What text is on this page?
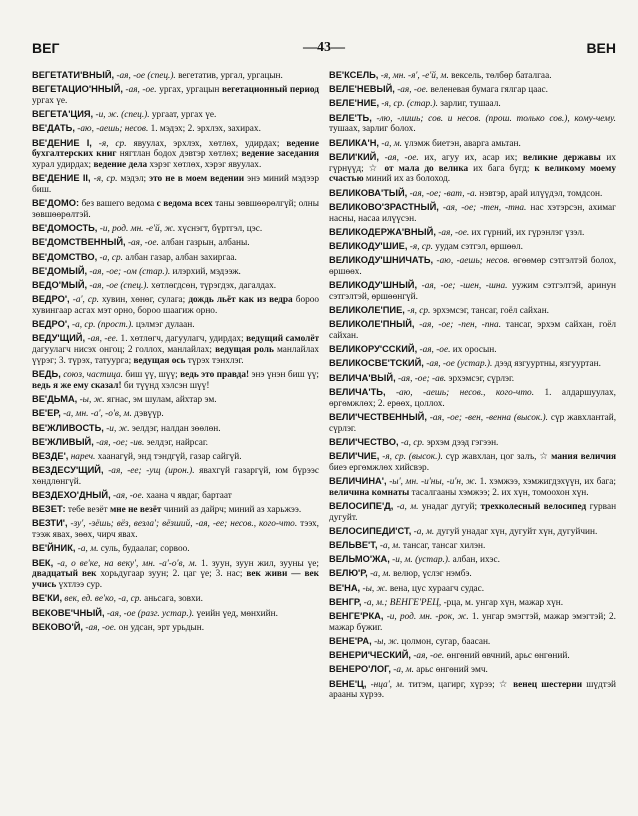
ВЕГ	—43—	ВЕН

ВЕГЕТАТИ'ВНЫЙ, -ая, -ое (спец.). вегетатив, ургал, ургацын.

ВЕГЕТАЦИО'ННЫЙ, -ая, -ое. ургах, ургацын вегетационный период ургах үе.

ВЕГЕТА'ЦИЯ, -и, ж. (спец.). ургаат, ургах үе.

ВЕ'ДАТЬ, -аю, -аешь; несов. 1. мэдэх; 2. эрхлэх, захирах.

ВЕ'ДЕНИЕ I, -я, ср. явуулах, эрхлэх, хөтлөх, удирдах; ведение бухгалтерских книг нягтлан бодох дэвтэр хөтлөх; ведение заседания хурал удирдах; ведение дела хэрэг хөтлөх, хэрэг явуулах.

ВЕ'ДЕНИЕ II, -я, ср. мэдэл; это не в моем ведении энэ миний мэдээр биш.

ВЕ'ДОМО: без вашего ведома с ведома всех таны зөвшөөрөлгүй; олны зөвшөөрөлтэй.

ВЕ'ДОМОСТЬ, -и, род. мн. -е'й, ж. хүснэгт, бүртгэл, цэс.

ВЕ'ДОМСТВЕННЫЙ, -ая, -ое. албан газрын, албаны.

ВЕ'ДОМСТВО, -а, ср. албан газар, албан захиргаа.

ВЕ'ДОМЫЙ, -ая, -ое; -ом (стар.). илэрхий, мэдээж.

ВЕДО'МЫЙ, -ая, -ое (спец.). хөтлөгдсөн, түрэгдэх, дагалдах.

ВЕДРО', -а', ср. хувин, хөнөг, сулага; дождь льёт как из ведра бороо хувингаар асгах мэт орно, бороо шаагиж орно.

ВЕДРО', -а, ср. (прост.). цэлмэг дулаан.

ВЕДУ'ЩИЙ, -ая, -ее. 1. хөтлөгч, дагуулагч, удирдах; ведущий самолёт дагуулагч нисэх онгоц; 2 голлох, манлайлах; ведущая роль манлайлах үүрэг; 3. түрэх, татуурга; ведущая ось түрэх тэнхлэг.

ВЕДЬ, союз, частица. биш үү, шүү; ведь это правда! энэ үнэн биш үү; ведь я же ему сказал! би түүнд хэлсэн шүү!

ВЕ'ДЬМА, -ы, ж. ягнас, эм шулам, айхтар эм.

ВЕ'ЕР, -а, мн. -а', -о'в, м. дэвүүр.

ВЕ'ЖЛИВОСТЬ, -и, ж. эелдэг, налдан зөөлөн.

ВЕ'ЖЛИВЫЙ, -ая, -ое; -ив. эелдэг, найрсаг.

ВЕЗДЕ', нареч. хаанагүй, энд тэндгүй, газар сайгүй.

ВЕЗДЕСУ'ЩИЙ, -ая, -ее; -ущ (ирон.). явахгүй газаргүй, юм бүрээс хөндлөнгүй.

ВЕЗДЕХО'ДНЫЙ, -ая, -ое. хаана ч явдаг, бартаат

ВЕЗЕТ: тебе везёт мне не везёт чиний аз дайрч; миний аз харьжээ.

ВЕЗТИ', -зу', -зёшь; вёз, везла'; вёзший, -ая, -ее; несов., кого-что. тээх, тээж явах, зөөх, чирч явах.

ВЕ'ЙНИК, -а, м. суль, будаалаг, сорвоо.

ВЕК, -а, о ве'ке, на веку', мн. -а'-о'в, м. 1. зуун, зуун жил, зууны үе; двадцатый век хорьдугаар зуун; 2. цаг үе; 3. нас; век живи — век учись үхтлээ сур.

ВЕ'КИ, век, ед. ве'ко, -а, ср. аньсага, зовхи.

ВЕКОВЕ'ЧНЫЙ, -ая, -ое (разг. устар.). үеийн үед, мөнхийн.

ВЕКОВО'Й, -ая, -ое. он удсан, эрт урьдын.

ВЕ'КСЕЛЬ, -я, мн. -я', -е'й, м. вексель, төлбөр баталгаа.

ВЕЛЕ'НЕВЫЙ, -ая, -ое. веленевая бумага гялгар цаас.

ВЕЛЕ'НИЕ, -я, ср. (стар.). зарлиг, тушаал.

ВЕЛЕ'ТЬ, -лю, -лишь; сов. и несов. (прош. только сов.), кому-чему. тушаах, зарлиг болох.

ВЕЛИКА'Н, -а, м. үлэмж биетэн, аварга амьтан.

ВЕЛИ'КИЙ, -ая, -ое. их, агуу их, асар их; великие державы их гүрнүүд; ☆ от мала до велика их бага бүгд; к великому моему счастью миний их аз болоход.

ВЕЛИКОВА'ТЫЙ, -ая, -ое; -ват, -а. нэвтэр, арай илүүдэл, томдсон.

ВЕЛИКОВО'ЗРАСТНЫЙ, -ая, -ое; -тен, -тна. нас хэтэрсэн, ахимаг насны, насаа илүүсэн.

ВЕЛИКОДЕРЖА'ВНЫЙ, -ая, -ое. их гүрний, их гүрэнлэг үзэл.

ВЕЛИКОДУ'ШИЕ, -я, ср. уудам сэтгэл, өршөөл.

ВЕЛИКОДУ'ШНИЧАТЬ, -аю, -аешь; несов. өгөөмөр сэтгэлтэй болох, өршөөх.

ВЕЛИКОДУ'ШНЫЙ, -ая, -ое; -шен, -шна. уужим сэтгэлтэй, аринун сэтгэлтэй, өршөөнгүй.

ВЕЛИКОЛЕ'ПИЕ, -я, ср. эрхэмсэг, тансаг, гоёл сайхан.

ВЕЛИКОЛЕ'ПНЫЙ, -ая, -ое; -пен, -пна. тансаг, эрхэм сайхан, гоёл сайхан.

ВЕЛИКОРУ'ССКИЙ, -ая, -ое. их оросын.

ВЕЛИКОСВЕ'ТСКИЙ, -ая, -ое (устар.). дээд язгууртны, язгууртан.

ВЕЛИЧА'ВЫЙ, -ая, -ое; -ав. эрхэмсэг, сүрлэг.

ВЕЛИЧА'ТЬ, -аю, -аешь; несов., кого-что. 1. алдаршуулах, өргөмжлөх; 2. ерөөх, цоллох.

ВЕЛИ'ЧЕСТВЕННЫЙ, -ая, -ое; -вен, -венна (высок.). сүр жавхлантай, сүрлэг.

ВЕЛИ'ЧЕСТВО, -а, ср. эрхэм дээд гэгээн.

ВЕЛИ'ЧИЕ, -я, ср. (высок.). сүр жавхлан, цог залъ, ☆ мания величия биеэ ергөмжлөх хийсвэр.

ВЕЛИЧИНА', -ы', мн. -и'ны, -и'н, ж. 1. хэмжээ, хэмжигдэхүүн, их бага; величина комнаты тасалгааны хэмжээ; 2. их хүн, томоохон хүн.

ВЕЛОСИПЕ'Д, -а, м. унадаг дугуй; трехколесный велосипед гурван дугуйт.

ВЕЛОСИПЕДИ'СТ, -а, м. дугуй унадаг хүн, дугуйт хүн, дугуйчин.

ВЕЛЬВЕ'Т, -а, м. тансаг, тансаг хилэн.

ВЕЛЬМО'ЖА, -и, м. (устар.). албан, ихэс.

ВЕЛЮ'Р, -а, м. велюр, үслэг нэмбэ.

ВЕ'НА, -ы, ж. вена, цус хураагч судас.

ВЕНГР, -а, м.; ВЕНГЕ'РЕЦ, -рца, м. унгар хүн, мажар хүн.

ВЕНГЕ'РКА, -и, род. мн. -рок, ж. 1. унгар эмэгтэй, мажар эмэгтэй; 2. мажар бүжиг.

ВЕНЕ'РА, -ы, ж. цолмон, сугар, баасан.

ВЕНЕРИ'ЧЕСКИЙ, -ая, -ое. өнгөний өвчний, арьс өнгөний.

ВЕНЕРО'ЛОГ, -а, м. арьс өнгөний эмч.

ВЕНЕ'Ц, -нца', м. титэм, цагирг, хүрээ; ☆ венец шестерни шүдтэй арааны хүрээ.
